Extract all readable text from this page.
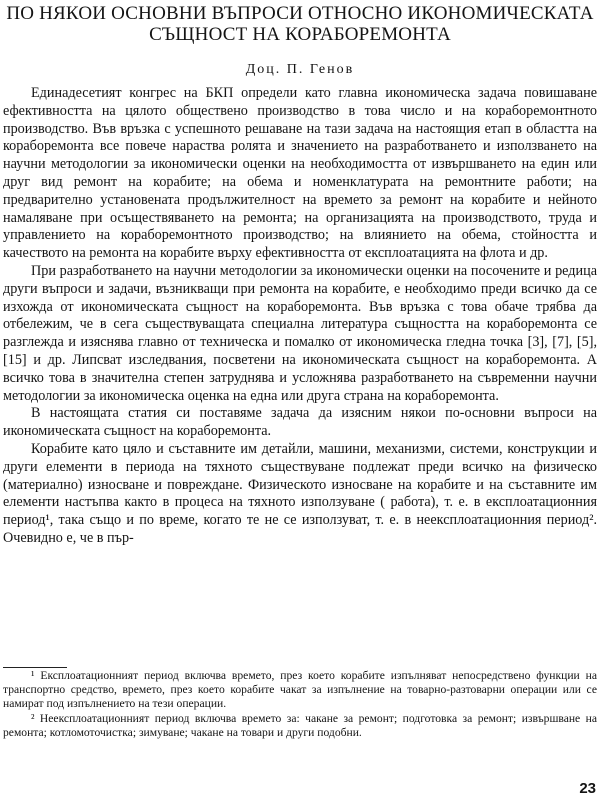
ПО НЯКОИ ОСНОВНИ ВЪПРОСИ ОТНОСНО ИКОНОМИЧЕСКАТА
СЪЩНОСТ НА КОРАБОРЕМОНТА
Доц. П. Генов

Единадесетият конгрес на БКП определи като главна икономическа задача повишаване ефективността на цялото обществено производство в това число и на кораборемонтното производство. Във връзка с успешното решаване на тази задача на настоящия етап в областта на кораборемонта все повече нараства ролята и значението на разработването и използването на научни методологии за икономически оценки на необходимостта от извършването на един или друг вид ремонт на корабите; на обема и номенклатурата на ремонтните работи; на предварително установената продължителност на времето за ремонт на корабите и нейното намаляване при осъществяването на ремонта; на организацията на производството, труда и управлението на кораборемонтното производство; на влиянието на обема, стойността и качеството на ремонта на корабите върху ефективността от експлоатацията на флота и др.

При разработването на научни методологии за икономически оценки на посочените и редица други въпроси и задачи, възникващи при ремонта на корабите, е необходимо преди всичко да се изхожда от икономическата същност на кораборемонта. Във връзка с това обаче трябва да отбележим, че в сега съществуващата специална литература същността на кораборемонта се разглежда и изяснява главно от техническа и помалко от икономическа гледна точка [3], [7], [5], [15] и др. Липсват изследвания, посветени на икономическата същност на кораборемонта. А всичко това в значителна степен затруднява и усложнява разработването на съвременни научни методологии за икономическа оценка на една или друга страна на кораборемонта.

В настоящата статия си поставяме задача да изясним някои по-основни въпроси на икономическата същност на кораборемонта.

Корабите като цяло и съставните им детайли, машини, механизми, системи, конструкции и други елементи в периода на тяхното съществуване подлежат преди всичко на физическо (материално) износване и повреждане. Физическото износване на корабите и на съставните им елементи настъпва както в процеса на тяхното използуване ( работа), т. е. в експлоатационния период¹, така също и по време, когато те не се използуват, т. е. в неексплоатационния период². Очевидно е, че в пър-

¹ Експлоатационният период включва времето, през което корабите изпълняват непосредствено функции на транспортно средство, времето, през което корабите чакат за изпълнение на товарно-разтоварни операции или се намират под изпълнението на тези операции.

² Неексплоатационният период включва времето за: чакане за ремонт; подготовка за ремонт; извършване на ремонта; котломоточистка; зимуване; чакане на товари и други подобни.

23
